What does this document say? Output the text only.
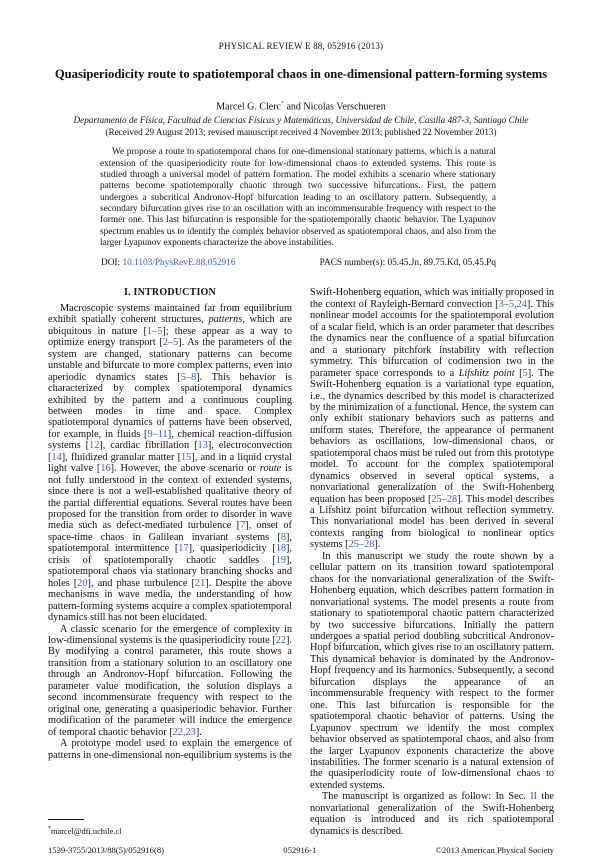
PHYSICAL REVIEW E 88, 052916 (2013)
Quasiperiodicity route to spatiotemporal chaos in one-dimensional pattern-forming systems
Marcel G. Clerc* and Nicolas Verschueren
Departamento de Física, Facultad de Ciencias Físicas y Matemáticas, Universidad de Chile, Casilla 487-3, Santiago Chile
(Received 29 August 2013; revised manuscript received 4 November 2013; published 22 November 2013)
We propose a route to spatiotemporal chaos for one-dimensional stationary patterns, which is a natural extension of the quasiperiodicity route for low-dimensional chaos to extended systems. This route is studied through a universal model of pattern formation. The model exhibits a scenario where stationary patterns become spatiotemporally chaotic through two successive bifurcations. First, the pattern undergoes a subcritical Andronov-Hopf bifurcation leading to an oscillatory pattern. Subsequently, a secondary bifurcation gives rise to an oscillation with an incommensurable frequency with respect to the former one. This last bifurcation is responsible for the spatiotemporally chaotic behavior. The Lyapunov spectrum enables us to identify the complex behavior observed as spatiotemporal chaos, and also from the larger Lyapunov exponents characterize the above instabilities.
DOI: 10.1103/PhysRevE.88.052916	PACS number(s): 05.45.Jn, 89.75.Kd, 05.45.Pq
I. INTRODUCTION

Macroscopic systems maintained far from equilibrium exhibit spatially coherent structures, patterns, which are ubiquitous in nature [1–5]; these appear as a way to optimize energy transport [2–5]. As the parameters of the system are changed, stationary patterns can become unstable and bifurcate to more complex patterns, even into aperiodic dynamics states [5–8]. This behavior is characterized by complex spatiotemporal dynamics exhibited by the pattern and a continuous coupling between modes in time and space. Complex spatiotemporal dynamics of patterns have been observed, for example, in fluids [9–11], chemical reaction-diffusion systems [12], cardiac fibrillation [13], electroconvection [14], fluidized granular matter [15], and in a liquid crystal light valve [16]. However, the above scenario or route is not fully understood in the context of extended systems, since there is not a well-established qualitative theory of the partial differential equations. Several routes have been proposed for the transition from order to disorder in wave media such as defect-mediated turbulence [7], onset of space-time chaos in Galilean invariant systems [8], spatiotemporal intermittence [17], quasiperiodicity [18], crisis of spatiotemporally chaotic saddles [19], spatiotemporal chaos via stationary branching shocks and holes [20], and phase turbulence [21]. Despite the above mechanisms in wave media, the understanding of how pattern-forming systems acquire a complex spatiotemporal dynamics still has not been elucidated.

A classic scenario for the emergence of complexity in low-dimensional systems is the quasiperiodicity route [22]. By modifying a control parameter, this route shows a transition from a stationary solution to an oscillatory one through an Andronov-Hopf bifurcation. Following the parameter value modification, the solution displays a second incommensurate frequency with respect to the original one, generating a quasiperiodic behavior. Further modification of the parameter will induce the emergence of temporal chaotic behavior [22,23].

A prototype model used to explain the emergence of patterns in one-dimensional non-equilibrium systems is the

*marcel@dfi.uchile.cl

Swift-Hohenberg equation, which was initially proposed in the context of Rayleigh-Bernard convection [3–5,24]. This nonlinear model accounts for the spatiotemporal evolution of a scalar field, which is an order parameter that describes the dynamics near the confluence of a spatial bifurcation and a stationary pitchfork instability with reflection symmetry. This bifurcation of codimension two in the parameter space corresponds to a Lifshitz point [5]. The Swift-Hohenberg equation is a variational type equation, i.e., the dynamics described by this model is characterized by the minimization of a functional. Hence, the system can only exhibit stationary behaviors such as patterns and uniform states. Therefore, the appearance of permanent behaviors as oscillations, low-dimensional chaos, or spatiotemporal chaos must be ruled out from this prototype model. To account for the complex spatiotemporal dynamics observed in several optical systems, a nonvariational generalization of the Swift-Hohenberg equation has been proposed [25–28]. This model describes a Lifshitz point bifurcation without reflection symmetry. This nonvariational model has been derived in several contexts ranging from biological to nonlinear optics systems [25–28].

In this manuscript we study the route shown by a cellular pattern on its transition toward spatiotemporal chaos for the nonvariational generalization of the Swift-Hohenberg equation, which describes pattern formation in nonvariational systems. The model presents a route from stationary to spatiotemporal chaotic pattern characterized by two successive bifurcations. Initially the pattern undergoes a spatial period doubling subcritical Andronov-Hopf bifurcation, which gives rise to an oscillatory pattern. This dynamical behavior is dominated by the Andronov-Hopf frequency and its harmonics. Subsequently, a second bifurcation displays the appearance of an incommensurable frequency with respect to the former one. This last bifurcation is responsible for the spatiotemporal chaotic behavior of patterns. Using the Lyapunov spectrum we identify the most complex behavior observed as spatiotemporal chaos, and also from the larger Lyapunov exponents characterize the above instabilities. The former scenario is a natural extension of the quasiperiodicity route of low-dimensional chaos to extended systems.

The manuscript is organized as follow: In Sec. II the nonvariational generalization of the Swift-Hohenberg equation is introduced and its rich spatiotemporal dynamics is described.

1539-3755/2013/88(5)/052916(8)	052916-1	©2013 American Physical Society
